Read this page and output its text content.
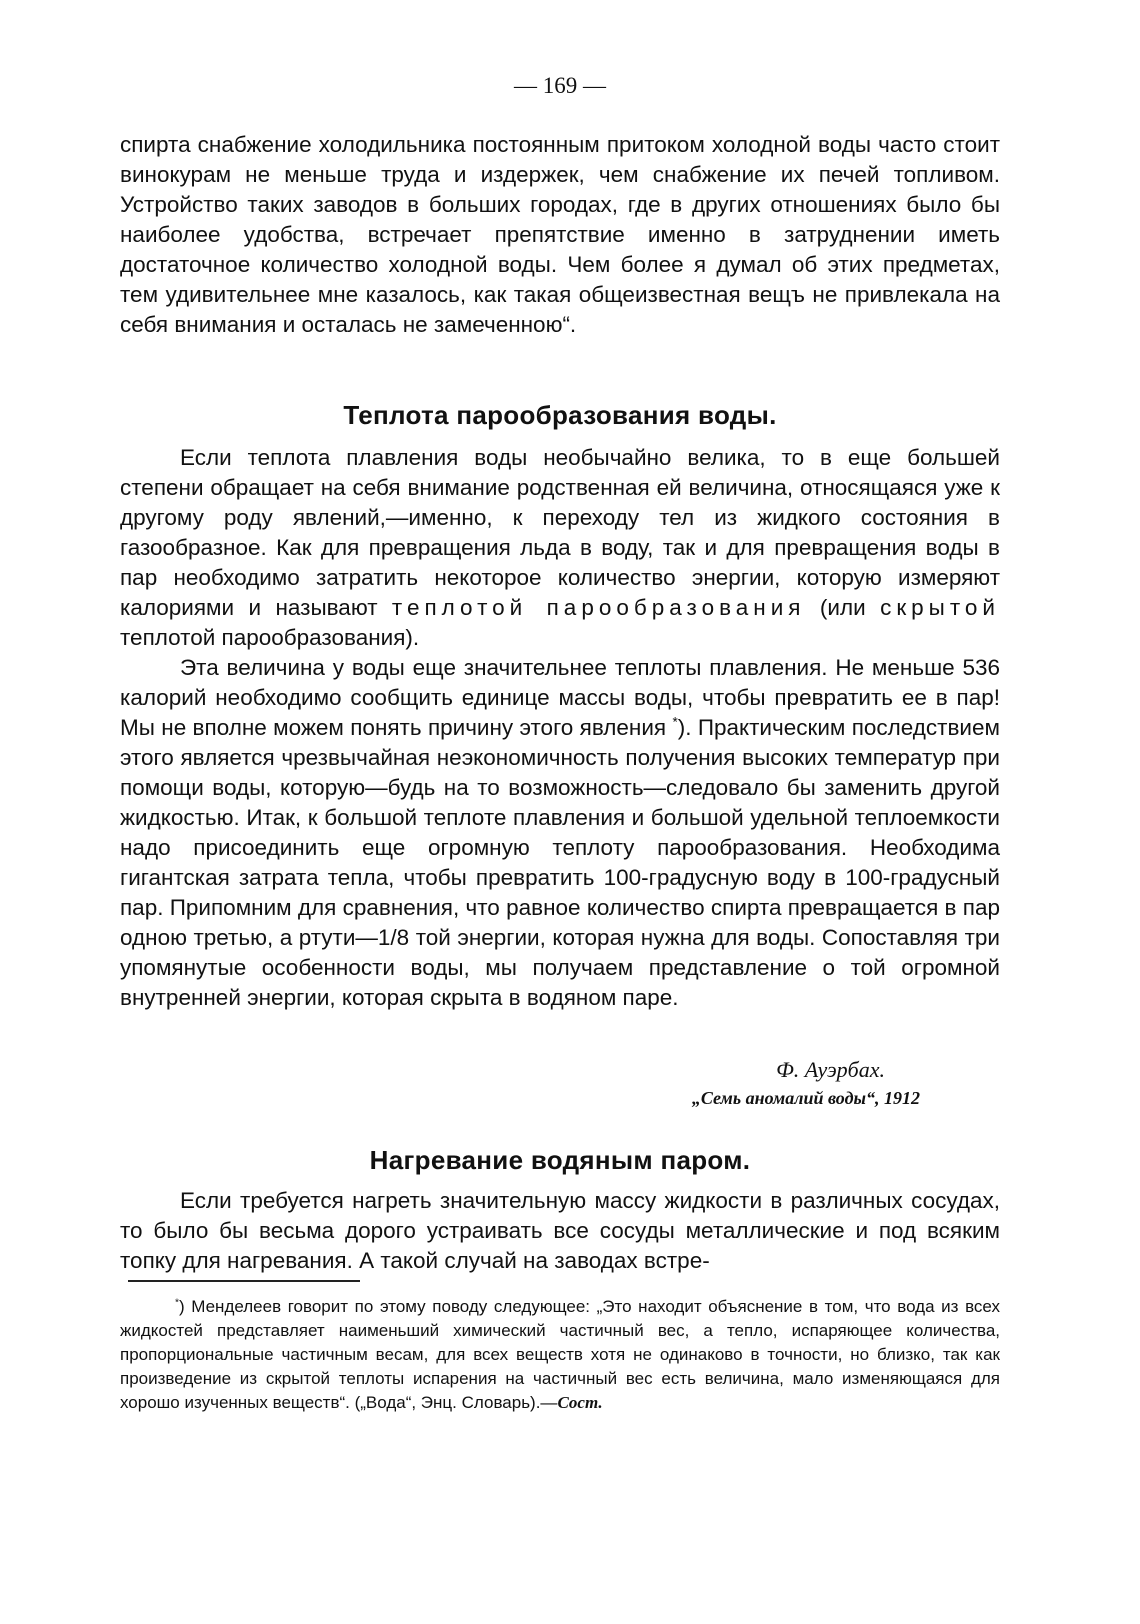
— 169 —

спирта снабжение холодильника постоянным притоком холодной воды часто стоит винокурам не меньше труда и издержек, чем снабжение их печей топливом. Устройство таких заводов в больших городах, где в других отношениях было бы наиболее удобства, встречает препятствие именно в затруднении иметь достаточное количество холодной воды. Чем более я думал об этих предметах, тем удивительнее мне казалось, как такая общеизвестная вещъ не привлекала на себя внимания и осталась не замеченною“.

Теплота парообразования воды.

Если теплота плавления воды необычайно велика, то в еще большей степени обращает на себя внимание родственная ей величина, относящаяся уже к другому роду явлений,—именно, к переходу тел из жидкого состояния в газообразное. Как для превращения льда в воду, так и для превращения воды в пар необходимо затратить некоторое количество энергии, которую измеряют калориями и называют теплотой парообразования (или скрытой теплотой парообразования).

Эта величина у воды еще значительнее теплоты плавления. Не меньше 536 калорий необходимо сообщить единице массы воды, чтобы превратить ее в пар! Мы не вполне можем понять причину этого явления *). Практическим последствием этого является чрезвычайная неэкономичность получения высоких температур при помощи воды, которую—будь на то возможность—следовало бы заменить другой жидкостью. Итак, к большой теплоте плавления и большой удельной теплоемкости надо присоединить еще огромную теплоту парообразования. Необходима гигантская затрата тепла, чтобы превратить 100-градусную воду в 100-градусный пар. Припомним для сравнения, что равное количество спирта превращается в пар одною третью, а ртути—1/8 той энергии, которая нужна для воды. Сопоставляя три упомянутые особенности воды, мы получаем представление о той огромной внутренней энергии, которая скрыта в водяном паре.

Ф. Ауэрбах.
„Семь аномалий воды“, 1912
Нагревание водяным паром.

Если требуется нагреть значительную массу жидкости в различных сосудах, то было бы весьма дорого устраивать все сосуды металлические и под всяким топку для нагревания. А такой случай на заводах встре-

*) Менделеев говорит по этому поводу следующее: „Это находит объяснение в том, что вода из всех жидкостей представляет наименьший химический частичный вес, а тепло, испаряющее количества, пропорциональные частичным весам, для всех веществ хотя не одинаково в точности, но близко, так как произведение из скрытой теплоты испарения на частичный вес есть величина, мало изменяющаяся для хорошо изученных веществ“. („Вода“, Энц. Словарь).—Сост.
